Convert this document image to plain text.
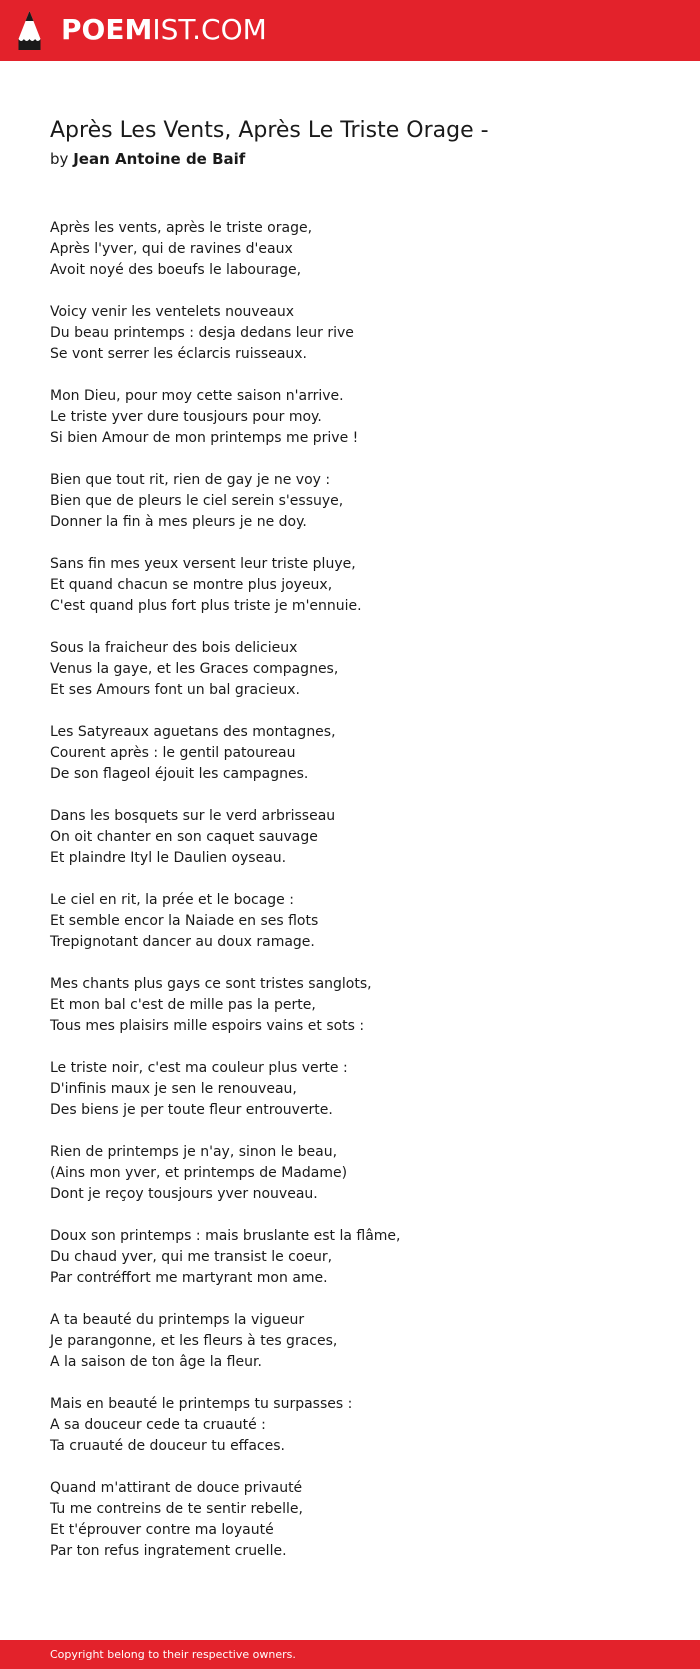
POEMIST.COM
Après Les Vents, Après Le Triste Orage -
by Jean Antoine de Baif
Après les vents, après le triste orage,
Après l'yver, qui de ravines d'eaux
Avoit noyé des boeufs le labourage,
Voicy venir les ventelets nouveaux
Du beau printemps : desja dedans leur rive
Se vont serrer les éclarcis ruisseaux.
Mon Dieu, pour moy cette saison n'arrive.
Le triste yver dure tousjours pour moy.
Si bien Amour de mon printemps me prive !
Bien que tout rit, rien de gay je ne voy :
Bien que de pleurs le ciel serein s'essuye,
Donner la fin à mes pleurs je ne doy.
Sans fin mes yeux versent leur triste pluye,
Et quand chacun se montre plus joyeux,
C'est quand plus fort plus triste je m'ennuie.
Sous la fraicheur des bois delicieux
Venus la gaye, et les Graces compagnes,
Et ses Amours font un bal gracieux.
Les Satyreaux aguetans des montagnes,
Courent après : le gentil patoureau
De son flageol éjouit les campagnes.
Dans les bosquets sur le verd arbrisseau
On oit chanter en son caquet sauvage
Et plaindre Ityl le Daulien oyseau.
Le ciel en rit, la prée et le bocage :
Et semble encor la Naiade en ses flots
Trepignotant dancer au doux ramage.
Mes chants plus gays ce sont tristes sanglots,
Et mon bal c'est de mille pas la perte,
Tous mes plaisirs mille espoirs vains et sots :
Le triste noir, c'est ma couleur plus verte :
D'infinis maux je sen le renouveau,
Des biens je per toute fleur entrouverte.
Rien de printemps je n'ay, sinon le beau,
(Ains mon yver, et printemps de Madame)
Dont je reçoy tousjours yver nouveau.
Doux son printemps : mais bruslante est la flâme,
Du chaud yver, qui me transist le coeur,
Par contréffort me martyrant mon ame.
A ta beauté du printemps la vigueur
Je parangonne, et les fleurs à tes graces,
A la saison de ton âge la fleur.
Mais en beauté le printemps tu surpasses :
A sa douceur cede ta cruauté :
Ta cruauté de douceur tu effaces.
Quand m'attirant de douce privauté
Tu me contreins de te sentir rebelle,
Et t'éprouver contre ma loyauté
Par ton refus ingratement cruelle.
Copyright belong to their respective owners.
